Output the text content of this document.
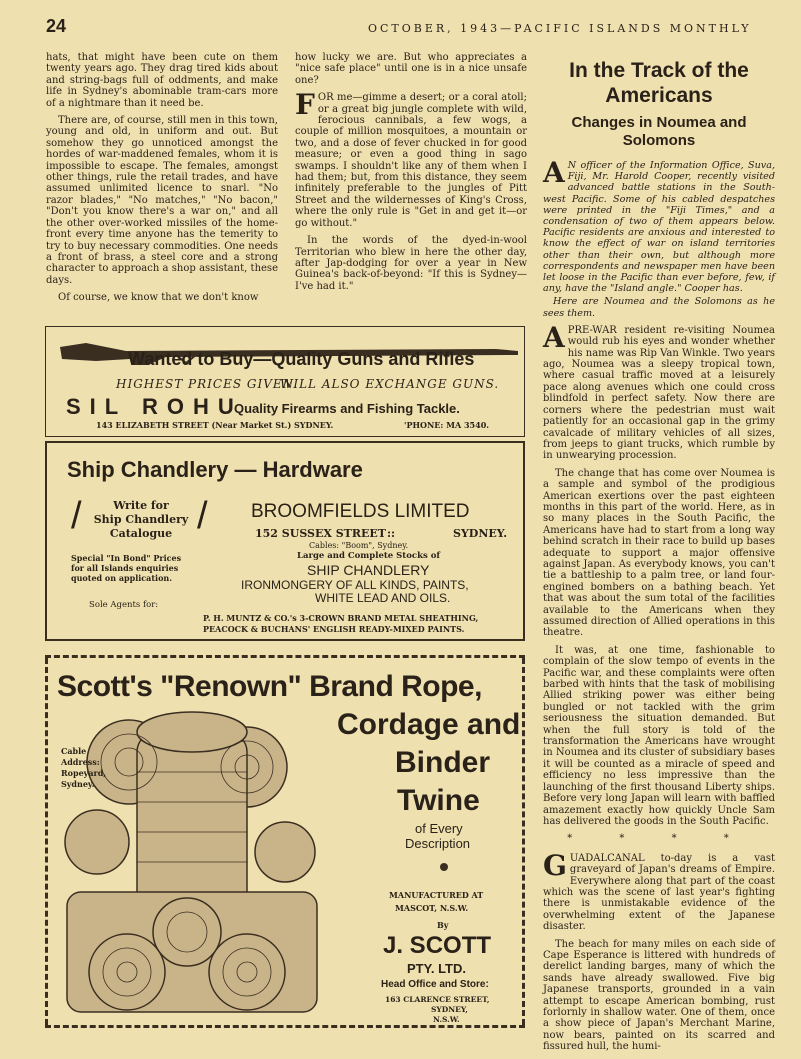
24	OCTOBER, 1943—PACIFIC ISLANDS MONTHLY

hats, that might have been cute on them twenty years ago. They drag tired kids about and string-bags full of oddments, and make life in Sydney's abominable tram-cars more of a nightmare than it need be.

There are, of course, still men in this town, young and old, in uniform and out. But somehow they go unnoticed amongst the hordes of war-maddened females, whom it is impossible to escape. The females, amongst other things, rule the retail trades, and have assumed unlimited licence to snarl. "No razor blades," "No matches," "No bacon," "Don't you know there's a war on," and all the other over-worked missiles of the home-front every time anyone has the temerity to try to buy necessary commodities. One needs a front of brass, a steel core and a strong character to approach a shop assistant, these days.

Of course, we know that we don't know

how lucky we are. But who appreciates a "nice safe place" until one is in a nice unsafe one?

FOR me—gimme a desert; or a coral atoll; or a great big jungle complete with wild, ferocious cannibals, a few wogs, a couple of million mosquitoes, a mountain or two, and a dose of fever chucked in for good measure; or even a good thing in sago swamps. I shouldn't like any of them when I had them; but, from this distance, they seem infinitely preferable to the jungles of Pitt Street and the wildernesses of King's Cross, where the only rule is "Get in and get it—or go without."

In the words of the dyed-in-wool Territorian who blew in here the other day, after Jap-dodging for over a year in New Guinea's back-of-beyond: "If this is Sydney—I've had it."

In the Track of the Americans
Changes in Noumea and Solomons

A N officer of the Information Office, Suva, Fiji, Mr. Harold Cooper, recently visited advanced battle stations in the South-west Pacific. Some of his cabled despatches were printed in the "Fiji Times," and a condensation of two of them appears below. Pacific residents are anxious and interested to know the effect of war on island territories other than their own, but although more correspondents and newspaper men have been let loose in the Pacific than ever before, few, if any, have the "Island angle." Cooper has.

Here are Noumea and the Solomons as he sees them.

A PRE-WAR resident re-visiting Noumea would rub his eyes and wonder whether his name was Rip Van Winkle. Two years ago, Noumea was a sleepy tropical town, where casual traffic moved at a leisurely pace along avenues which one could cross blindfold in perfect safety. Now there are corners where the pedestrian must wait patiently for an occasional gap in the grimy cavalcade of military vehicles of all sizes, from jeeps to giant trucks, which rumble by in unwearying procession.

The change that has come over Noumea is a sample and symbol of the prodigious American exertions over the past eighteen months in this part of the world. Here, as in so many places in the South Pacific, the Americans have had to start from a long way behind scratch in their race to build up bases adequate to support a major offensive against Japan. As everybody knows, you can't tie a battleship to a palm tree, or land four-engined bombers on a bathing beach. Yet that was about the sum total of the facilities available to the Americans when they assumed direction of Allied operations in this theatre.

It was, at one time, fashionable to complain of the slow tempo of events in the Pacific war, and these complaints were often barbed with hints that the task of mobilising Allied striking power was either being bungled or not tackled with the grim seriousness the situation demanded. But when the full story is told of the transformation the Americans have wrought in Noumea and its cluster of subsidiary bases it will be counted as a miracle of speed and efficiency no less impressive than the launching of the first thousand Liberty ships. Before very long Japan will learn with baffled amazement exactly how quickly Uncle Sam has delivered the goods in the South Pacific.

* * * *

GUADALCANAL to-day is a vast graveyard of Japan's dreams of Empire. Everywhere along that part of the coast which was the scene of last year's fighting there is unmistakable evidence of the overwhelming extent of the Japanese disaster.

The beach for many miles on each side of Cape Esperance is littered with hundreds of derelict landing barges, many of which the sands have already swallowed. Five big Japanese transports, grounded in a vain attempt to escape American bombing, rust forlornly in shallow water. One of them, once a show piece of Japan's Merchant Marine, now bears, painted on its scarred and fissured hull, the humi-

Wanted to Buy—Quality Guns and Rifles
HIGHEST PRICES GIVEN.
WILL ALSO EXCHANGE GUNS.
SIL ROHU
Quality Firearms and Fishing Tackle.
143 ELIZABETH STREET (Near Market St.) SYDNEY.	'PHONE: MA 3540.
Ship Chandlery — Hardware
/	Write for
Ship Chandlery
Catalogue / BROOMFIELDS LIMITED
152 SUSSEX STREET ::	SYDNEY.
Cables: "Boom", Sydney.
Large and Complete Stocks of
Special "In Bond" Prices
for all Islands enquiries
quoted on application.	SHIP CHANDLERY
IRONMONGERY OF ALL KINDS, PAINTS,
WHITE LEAD AND OILS.
Sole Agents for:
P. H. MUNTZ & CO.'s 3-CROWN BRAND METAL SHEATHING,
PEACOCK & BUCHANS' ENGLISH READY-MIXED PAINTS.
Cable
Address:
Ropeyard,
Sydney.
Scott's "Renown" Brand Rope,
Cordage and
Binder
Twine
of Every
Description
MANUFACTURED AT
MASCOT, N.S.W.
By
J. SCOTT
PTY. LTD.
Head Office and Store:
163 CLARENCE STREET,
SYDNEY,
N.S.W.
